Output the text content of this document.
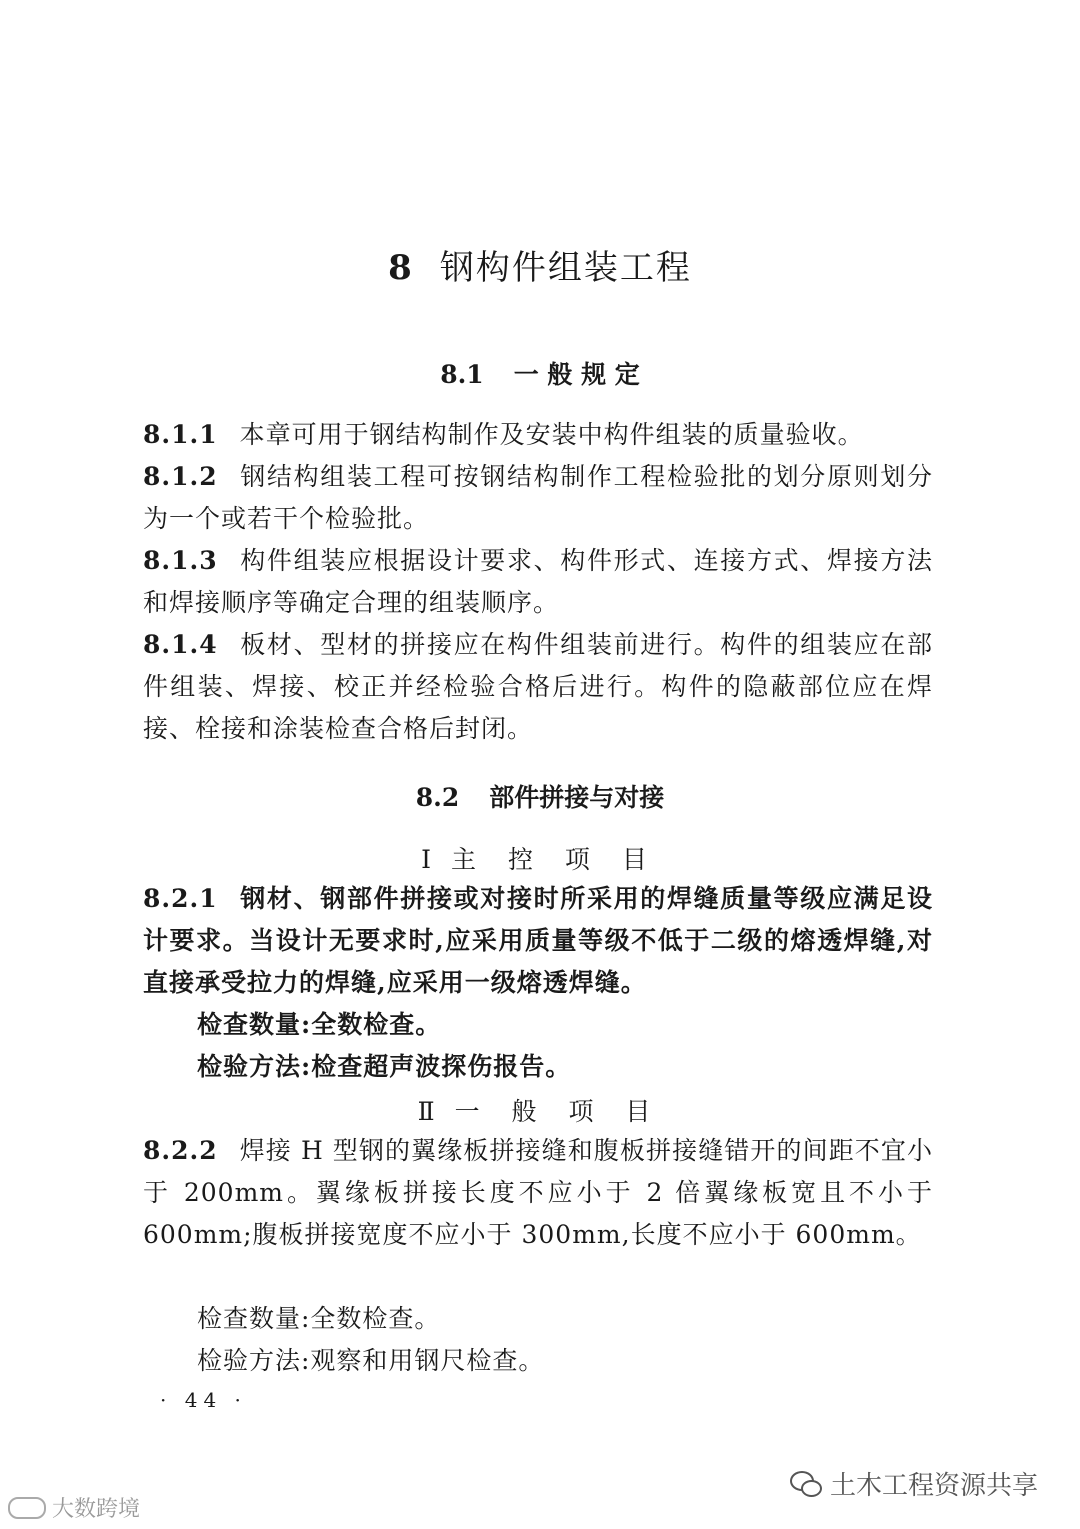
8 钢构件组装工程
8.1 一 般 规 定
8.1.1 本章可用于钢结构制作及安装中构件组装的质量验收。
8.1.2 钢结构组装工程可按钢结构制作工程检验批的划分原则划分为一个或若干个检验批。
8.1.3 构件组装应根据设计要求、构件形式、连接方式、焊接方法和焊接顺序等确定合理的组装顺序。
8.1.4 板材、型材的拼接应在构件组装前进行。构件的组装应在部件组装、焊接、校正并经检验合格后进行。构件的隐蔽部位应在焊接、栓接和涂装检查合格后封闭。
8.2 部件拼接与对接
Ⅰ 主 控 项 目
8.2.1 钢材、钢部件拼接或对接时所采用的焊缝质量等级应满足设计要求。当设计无要求时,应采用质量等级不低于二级的熔透焊缝,对直接承受拉力的焊缝,应采用一级熔透焊缝。
检查数量:全数检查。
检验方法:检查超声波探伤报告。
Ⅱ 一 般 项 目
8.2.2 焊接 H 型钢的翼缘板拼接缝和腹板拼接缝错开的间距不宜小于 200mm。翼缘板拼接长度不应小于 2 倍翼缘板宽且不小于 600mm;腹板拼接宽度不应小于 300mm,长度不应小于 600mm。
检查数量:全数检查。
检验方法:观察和用钢尺检查。
· 44 ·
土木工程资源共享
大数跨境
